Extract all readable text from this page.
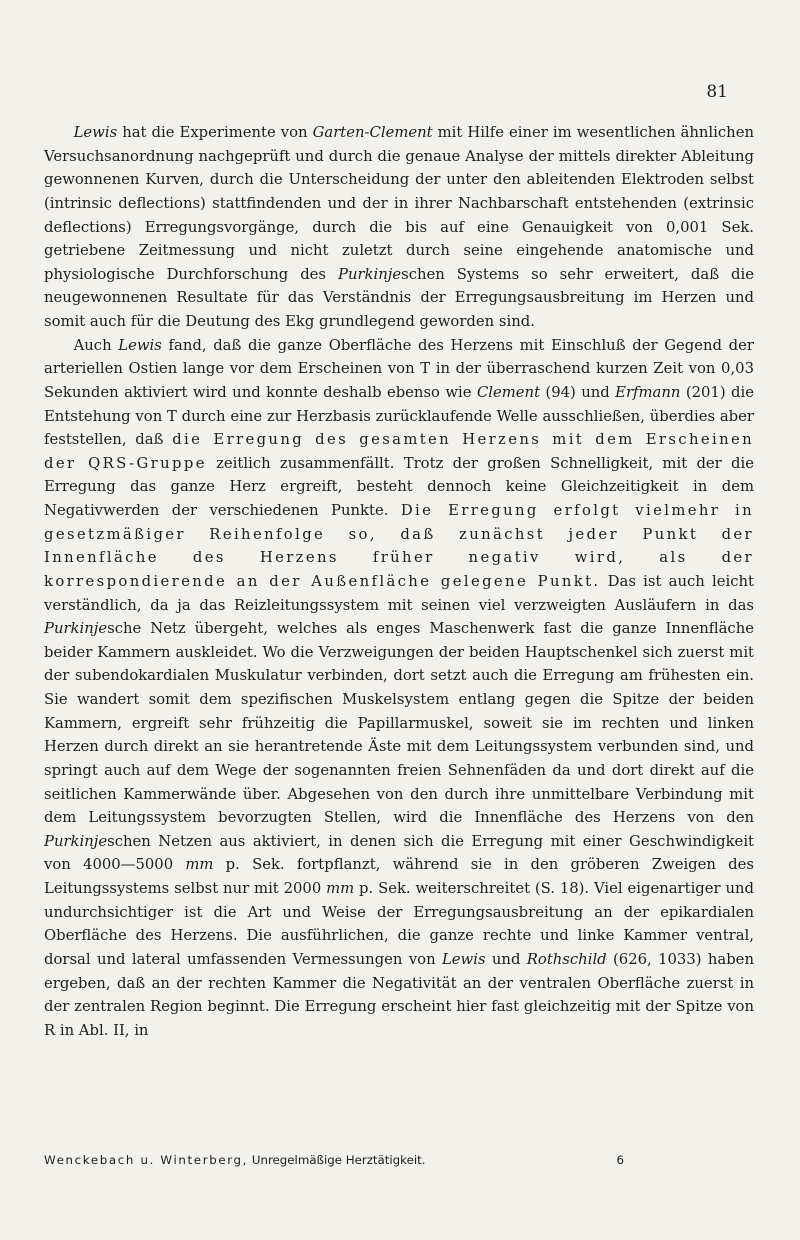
81

Lewis hat die Experimente von Garten-Clement mit Hilfe einer im wesentlichen ähnlichen Versuchsanordnung nachgeprüft und durch die genaue Analyse der mittels direkter Ableitung gewonnenen Kurven, durch die Unterscheidung der unter den ableitenden Elektroden selbst (intrinsic deflections) stattfindenden und der in ihrer Nachbarschaft entstehenden (extrinsic deflections) Erregungsvorgänge, durch die bis auf eine Genauigkeit von 0,001 Sek. getriebene Zeitmessung und nicht zuletzt durch seine eingehende anatomische und physiologische Durchforschung des Purkinjeschen Systems so sehr erweitert, daß die neugewonnenen Resultate für das Verständnis der Erregungsausbreitung im Herzen und somit auch für die Deutung des Ekg grundlegend geworden sind.

Auch Lewis fand, daß die ganze Oberfläche des Herzens mit Einschluß der Gegend der arteriellen Ostien lange vor dem Erscheinen von T in der überraschend kurzen Zeit von 0,03 Sekunden aktiviert wird und konnte deshalb ebenso wie Clement (94) und Erfmann (201) die Entstehung von T durch eine zur Herzbasis zurücklaufende Welle ausschließen, überdies aber feststellen, daß die Erregung des gesamten Herzens mit dem Erscheinen der QRS-Gruppe zeitlich zusammenfällt. Trotz der großen Schnelligkeit, mit der die Erregung das ganze Herz ergreift, besteht dennoch keine Gleichzeitigkeit in dem Negativwerden der verschiedenen Punkte. Die Erregung erfolgt vielmehr in gesetzmäßiger Reihenfolge so, daß zunächst jeder Punkt der Innenfläche des Herzens früher negativ wird, als der korrespondierende an der Außenfläche gelegene Punkt. Das ist auch leicht verständlich, da ja das Reizleitungssystem mit seinen viel verzweigten Ausläufern in das Purkinjesche Netz übergeht, welches als enges Maschenwerk fast die ganze Innenfläche beider Kammern auskleidet. Wo die Verzweigungen der beiden Hauptschenkel sich zuerst mit der subendokardialen Muskulatur verbinden, dort setzt auch die Erregung am frühesten ein. Sie wandert somit dem spezifischen Muskelsystem entlang gegen die Spitze der beiden Kammern, ergreift sehr frühzeitig die Papillarmuskel, soweit sie im rechten und linken Herzen durch direkt an sie herantretende Äste mit dem Leitungssystem verbunden sind, und springt auch auf dem Wege der sogenannten freien Sehnenfäden da und dort direkt auf die seitlichen Kammerwände über. Abgesehen von den durch ihre unmittelbare Verbindung mit dem Leitungssystem bevorzugten Stellen, wird die Innenfläche des Herzens von den Purkinjeschen Netzen aus aktiviert, in denen sich die Erregung mit einer Geschwindigkeit von 4000—5000 mm p. Sek. fortpflanzt, während sie in den gröberen Zweigen des Leitungssystems selbst nur mit 2000 mm p. Sek. weiterschreitet (S. 18). Viel eigenartiger und undurchsichtiger ist die Art und Weise der Erregungsausbreitung an der epikardialen Oberfläche des Herzens. Die ausführlichen, die ganze rechte und linke Kammer ventral, dorsal und lateral umfassenden Vermessungen von Lewis und Rothschild (626, 1033) haben ergeben, daß an der rechten Kammer die Negativität an der ventralen Oberfläche zuerst in der zentralen Region beginnt. Die Erregung erscheint hier fast gleichzeitig mit der Spitze von R in Abl. II, in

Wenckebach u. Winterberg, Unregelmäßige Herztätigkeit.	6
